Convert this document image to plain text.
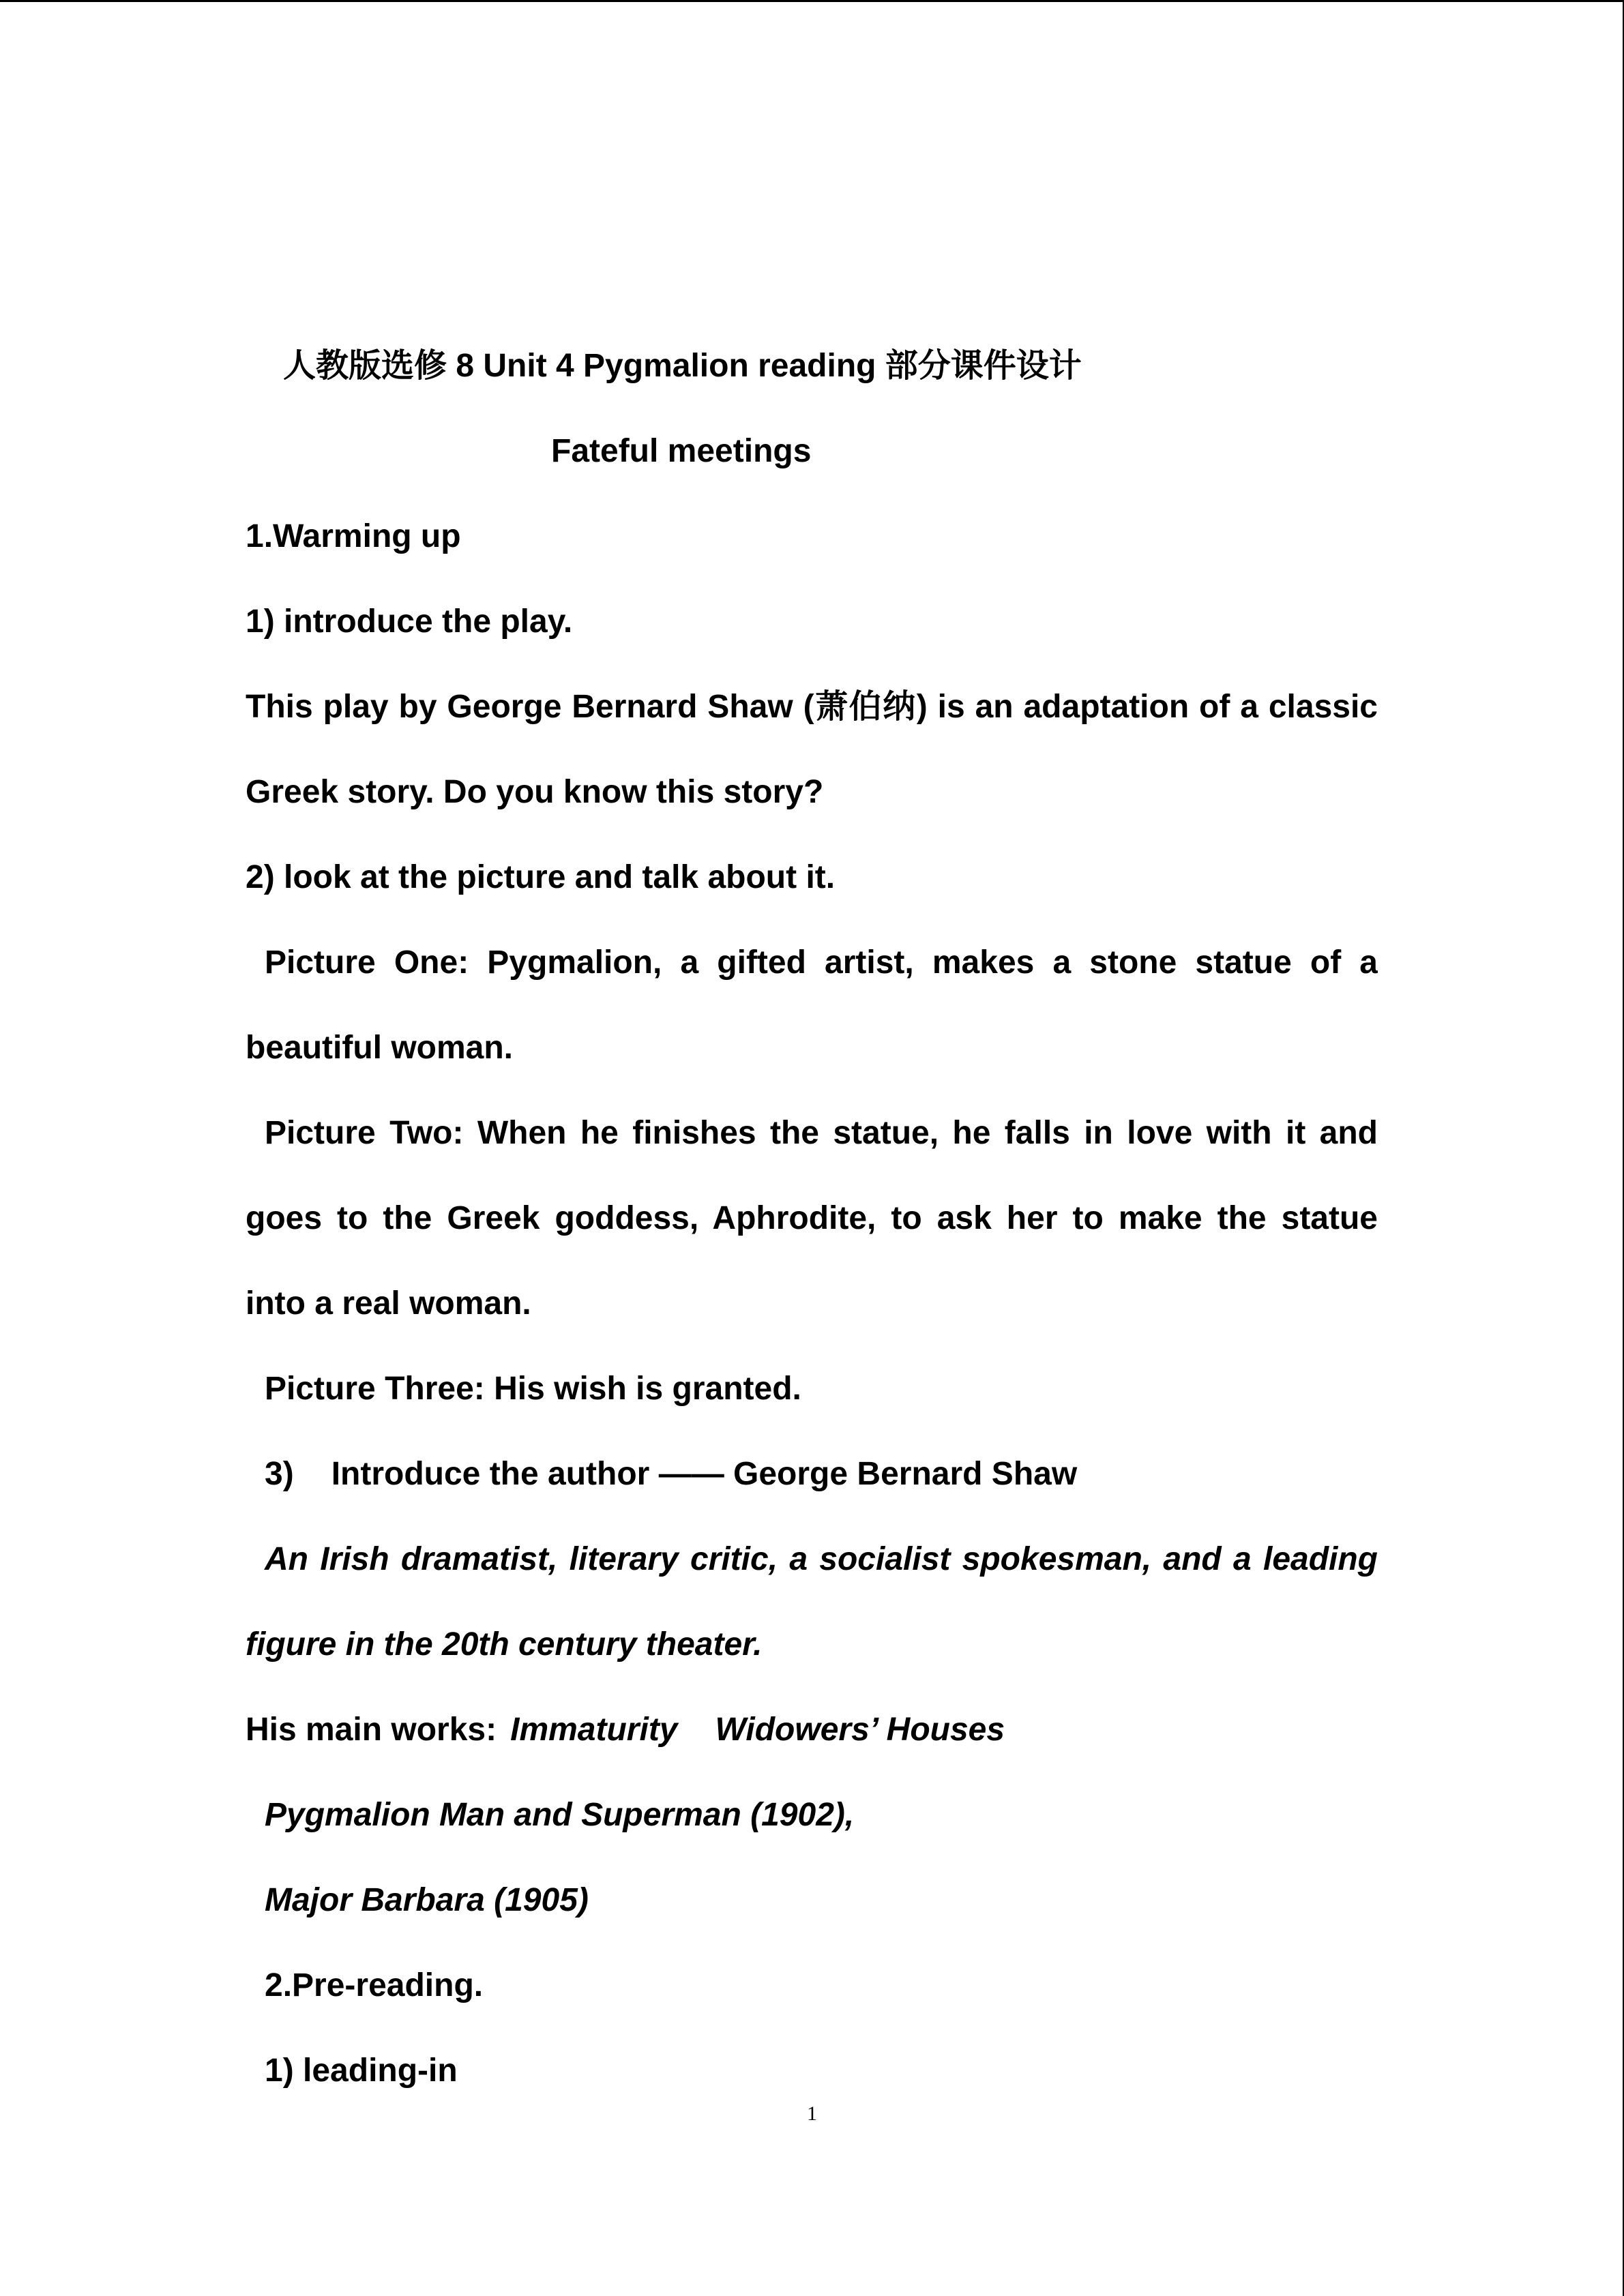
人教版选修 8 Unit 4 Pygmalion reading 部分课件设计
Fateful meetings
1.Warming up
1) introduce the play.
This play by George Bernard Shaw (萧伯纳) is an adaptation of a classic
Greek story. Do you know this story?
2) look at the picture and talk about it.
Picture One: Pygmalion, a gifted artist, makes a stone statue of a
beautiful woman.
Picture Two: When he finishes the statue, he falls in love with it and
goes to the Greek goddess, Aphrodite, to ask her to make the statue
into a real woman.
Picture Three: His wish is granted.
3) Introduce the author —— George Bernard Shaw
An Irish dramatist, literary critic, a socialist spokesman, and a leading
figure in the 20th century theater.
His main works: Immaturity Widowers’ Houses
Pygmalion Man and Superman (1902),
Major Barbara (1905)
2.Pre-reading.
1) leading-in
1
